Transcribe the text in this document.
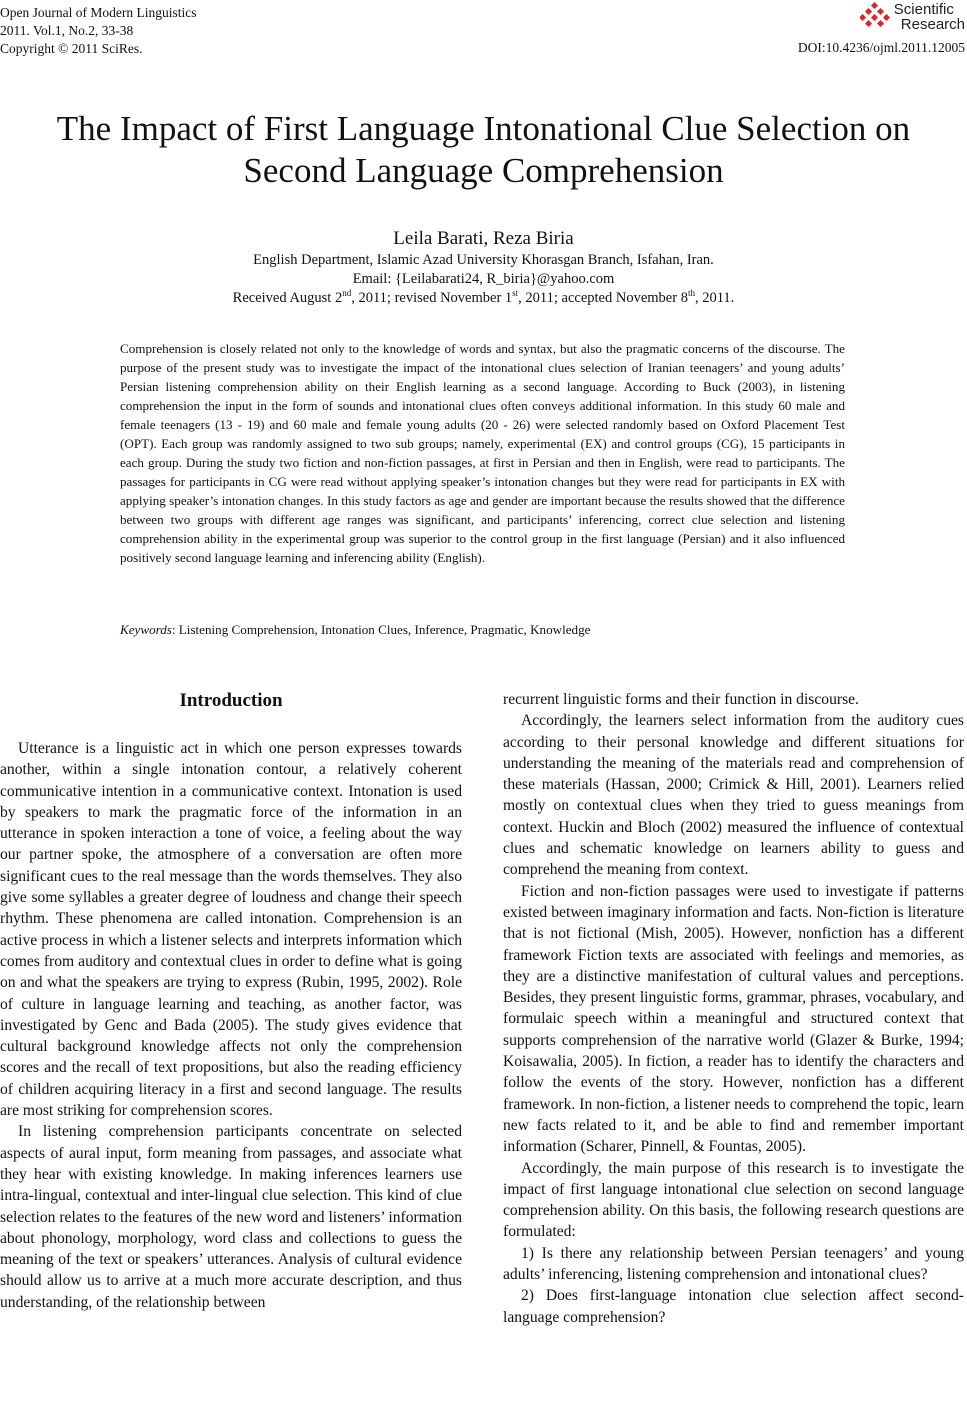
Open Journal of Modern Linguistics
2011. Vol.1, No.2, 33-38
Copyright © 2011 SciRes.
Scientific
Research
DOI:10.4236/ojml.2011.12005
The Impact of First Language Intonational Clue Selection on
Second Language Comprehension
Leila Barati, Reza Biria
English Department, Islamic Azad University Khorasgan Branch, Isfahan, Iran.
Email: {Leilabarati24, R_biria}@yahoo.com
Received August 2nd, 2011; revised November 1st, 2011; accepted November 8th, 2011.
Comprehension is closely related not only to the knowledge of words and syntax, but also the pragmatic concerns of the discourse. The purpose of the present study was to investigate the impact of the intonational clues selection of Iranian teenagers’ and young adults’ Persian listening comprehension ability on their English learning as a second language. According to Buck (2003), in listening comprehension the input in the form of sounds and intonational clues often conveys additional information. In this study 60 male and female teenagers (13 - 19) and 60 male and female young adults (20 - 26) were selected randomly based on Oxford Placement Test (OPT). Each group was randomly assigned to two sub groups; namely, experimental (EX) and control groups (CG), 15 participants in each group. During the study two fiction and non-fiction passages, at first in Persian and then in English, were read to participants. The passages for participants in CG were read without applying speaker’s intonation changes but they were read for participants in EX with applying speaker’s intonation changes. In this study factors as age and gender are important because the results showed that the difference between two groups with different age ranges was significant, and participants’ inferencing, correct clue selection and listening comprehension ability in the experimental group was superior to the control group in the first language (Persian) and it also influenced positively second language learning and inferencing ability (English).
Keywords: Listening Comprehension, Intonation Clues, Inference, Pragmatic, Knowledge
Introduction

Utterance is a linguistic act in which one person expresses towards another, within a single intonation contour, a relatively coherent communicative intention in a communicative context. Intonation is used by speakers to mark the pragmatic force of the information in an utterance in spoken interaction a tone of voice, a feeling about the way our partner spoke, the atmosphere of a conversation are often more significant cues to the real message than the words themselves. They also give some syllables a greater degree of loudness and change their speech rhythm. These phenomena are called intonation. Comprehension is an active process in which a listener selects and interprets information which comes from auditory and contextual clues in order to define what is going on and what the speakers are trying to express (Rubin, 1995, 2002). Role of culture in language learning and teaching, as another factor, was investigated by Genc and Bada (2005). The study gives evidence that cultural background knowledge affects not only the comprehension scores and the recall of text propositions, but also the reading efficiency of children acquiring literacy in a first and second language. The results are most striking for comprehension scores.

In listening comprehension participants concentrate on selected aspects of aural input, form meaning from passages, and associate what they hear with existing knowledge. In making inferences learners use intra-lingual, contextual and inter-lingual clue selection. This kind of clue selection relates to the features of the new word and listeners’ information about phonology, morphology, word class and collections to guess the meaning of the text or speakers’ utterances. Analysis of cultural evidence should allow us to arrive at a much more accurate description, and thus understanding, of the relationship between

recurrent linguistic forms and their function in discourse.

Accordingly, the learners select information from the auditory cues according to their personal knowledge and different situations for understanding the meaning of the materials read and comprehension of these materials (Hassan, 2000; Crimick & Hill, 2001). Learners relied mostly on contextual clues when they tried to guess meanings from context. Huckin and Bloch (2002) measured the influence of contextual clues and schematic knowledge on learners ability to guess and comprehend the meaning from context.

Fiction and non-fiction passages were used to investigate if patterns existed between imaginary information and facts. Non-fiction is literature that is not fictional (Mish, 2005). However, nonfiction has a different framework Fiction texts are associated with feelings and memories, as they are a distinctive manifestation of cultural values and perceptions. Besides, they present linguistic forms, grammar, phrases, vocabulary, and formulaic speech within a meaningful and structured context that supports comprehension of the narrative world (Glazer & Burke, 1994; Koisawalia, 2005). In fiction, a reader has to identify the characters and follow the events of the story. However, nonfiction has a different framework. In non-fiction, a listener needs to comprehend the topic, learn new facts related to it, and be able to find and remember important information (Scharer, Pinnell, & Fountas, 2005).

Accordingly, the main purpose of this research is to investigate the impact of first language intonational clue selection on second language comprehension ability. On this basis, the following research questions are formulated:

1) Is there any relationship between Persian teenagers’ and young adults’ inferencing, listening comprehension and intonational clues?

2) Does first-language intonation clue selection affect second-language comprehension?
